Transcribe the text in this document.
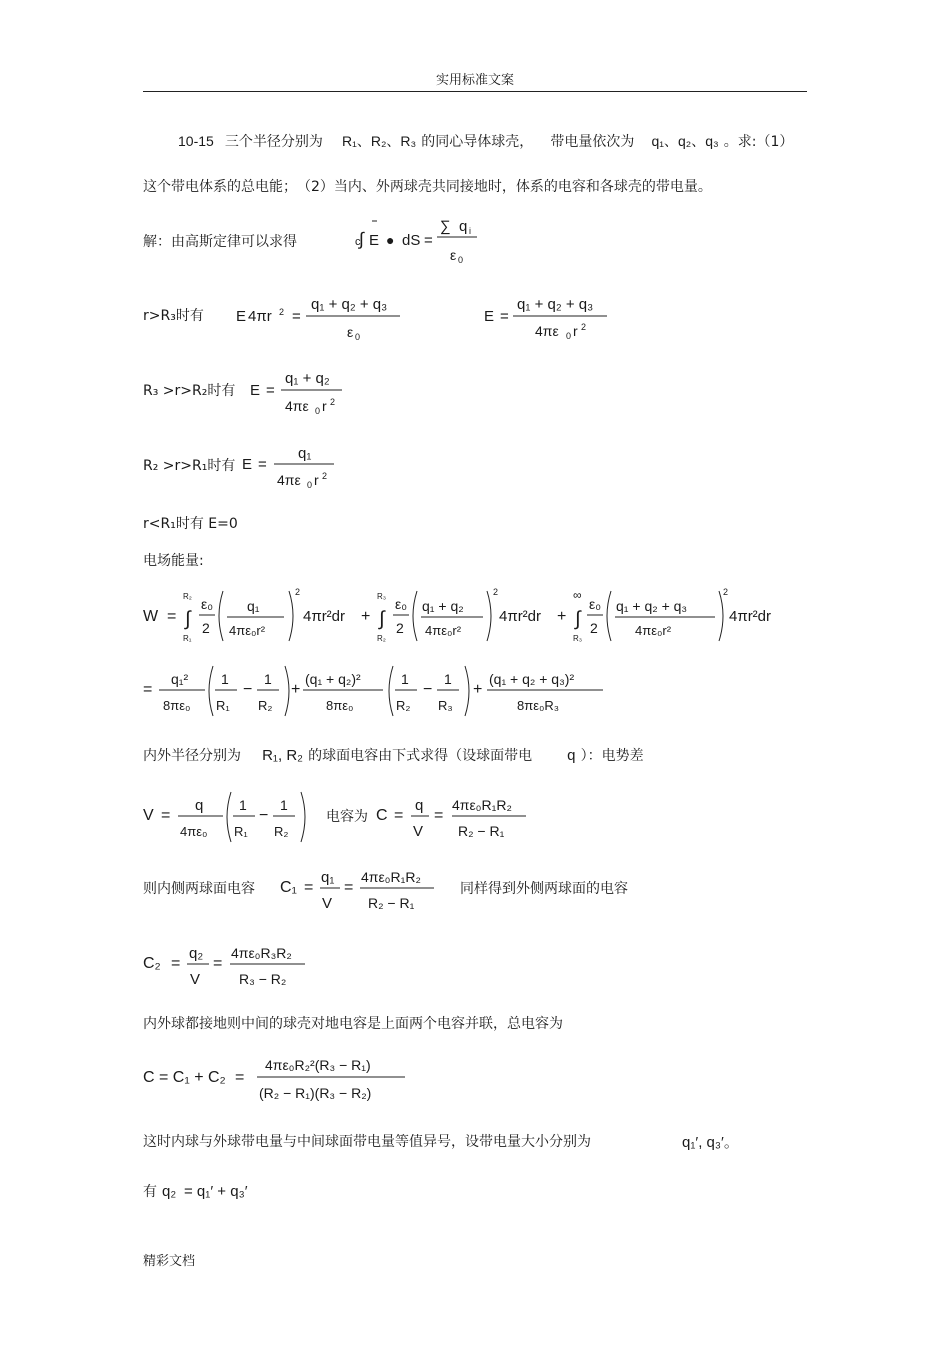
实用标准文案
10-15 三个半径分别为 R₁、R₂、R₃ 的同心导体球壳， 带电量依次为 q₁、q₂、q₃ 。求:（1）
这个带电体系的总电能；　（2）当内、外两球壳共同接地时，体系的电容和各球壳的带电量。
解：由高斯定律可以求得	c
∫ E ● dS =
∑ q i
ε 0
r>R₃时有 E 4πr 2 =
q₁ + q₂ + q₃
ε 0
E =
q₁ + q₂ + q₃
4πε 0 r 2
R₃ >r>R₂时有 E =
q₁ + q₂
4πε 0 r 2
R₂ >r>R₁时有 E =
q₁
4πε 0 r 2
r<R₁时有 E=0
电场能量:
W =
R₂
∫
R₁
ε₀
2
q₁
4πε₀r²
2
4πr²dr +
R₃
∫
R₂
ε₀
2
q₁ + q₂
4πε₀r²
2
4πr²dr +
∞
∫
R₃
ε₀
2
q₁ + q₂ + q₃
4πε₀r²
2
4πr²dr
=
q₁²
8πε₀
1
R₁
−
1
R₂
+
(q₁ + q₂)²
8πε₀
1
R₂
−
1
R₃
+
(q₁ + q₂ + q₃)²
8πε₀R₃
内外半径分别为 R₁, R₂ 的球面电容由下式求得（设球面带电 q ）：电势差
V =
q
4πε₀
1
R₁
−
1
R₂
电容为 C =
q
V
=
4πε₀R₁R₂
R₂ − R₁
则内侧两球面电容 C₁ =
q₁
V
=
4πε₀R₁R₂
R₂ − R₁
同样得到外侧两球面的电容
C₂ =
q₂
V
=
4πε₀R₃R₂
R₃ − R₂
内外球都接地则中间的球壳对地电容是上面两个电容并联，总电容为
C = C₁ + C₂ =
4πε₀R₂²(R₃ − R₁)
(R₂ − R₁)(R₃ − R₂)
这时内球与外球带电量与中间球面带电量等值异号，设带电量大小分别为	q₁′, q₃′。
有 q₂ = q₁′ + q₃′
精彩文档
